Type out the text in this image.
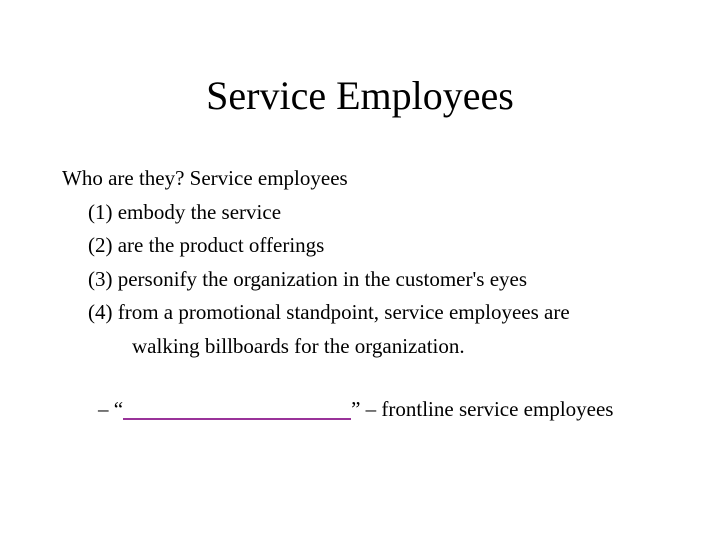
Service Employees
Who are they? Service employees
(1) embody the service
(2) are the product offerings
(3) personify the organization in the customer's eyes
(4) from a promotional standpoint, service employees are
walking billboards for the organization.
– “	” – frontline service employees
